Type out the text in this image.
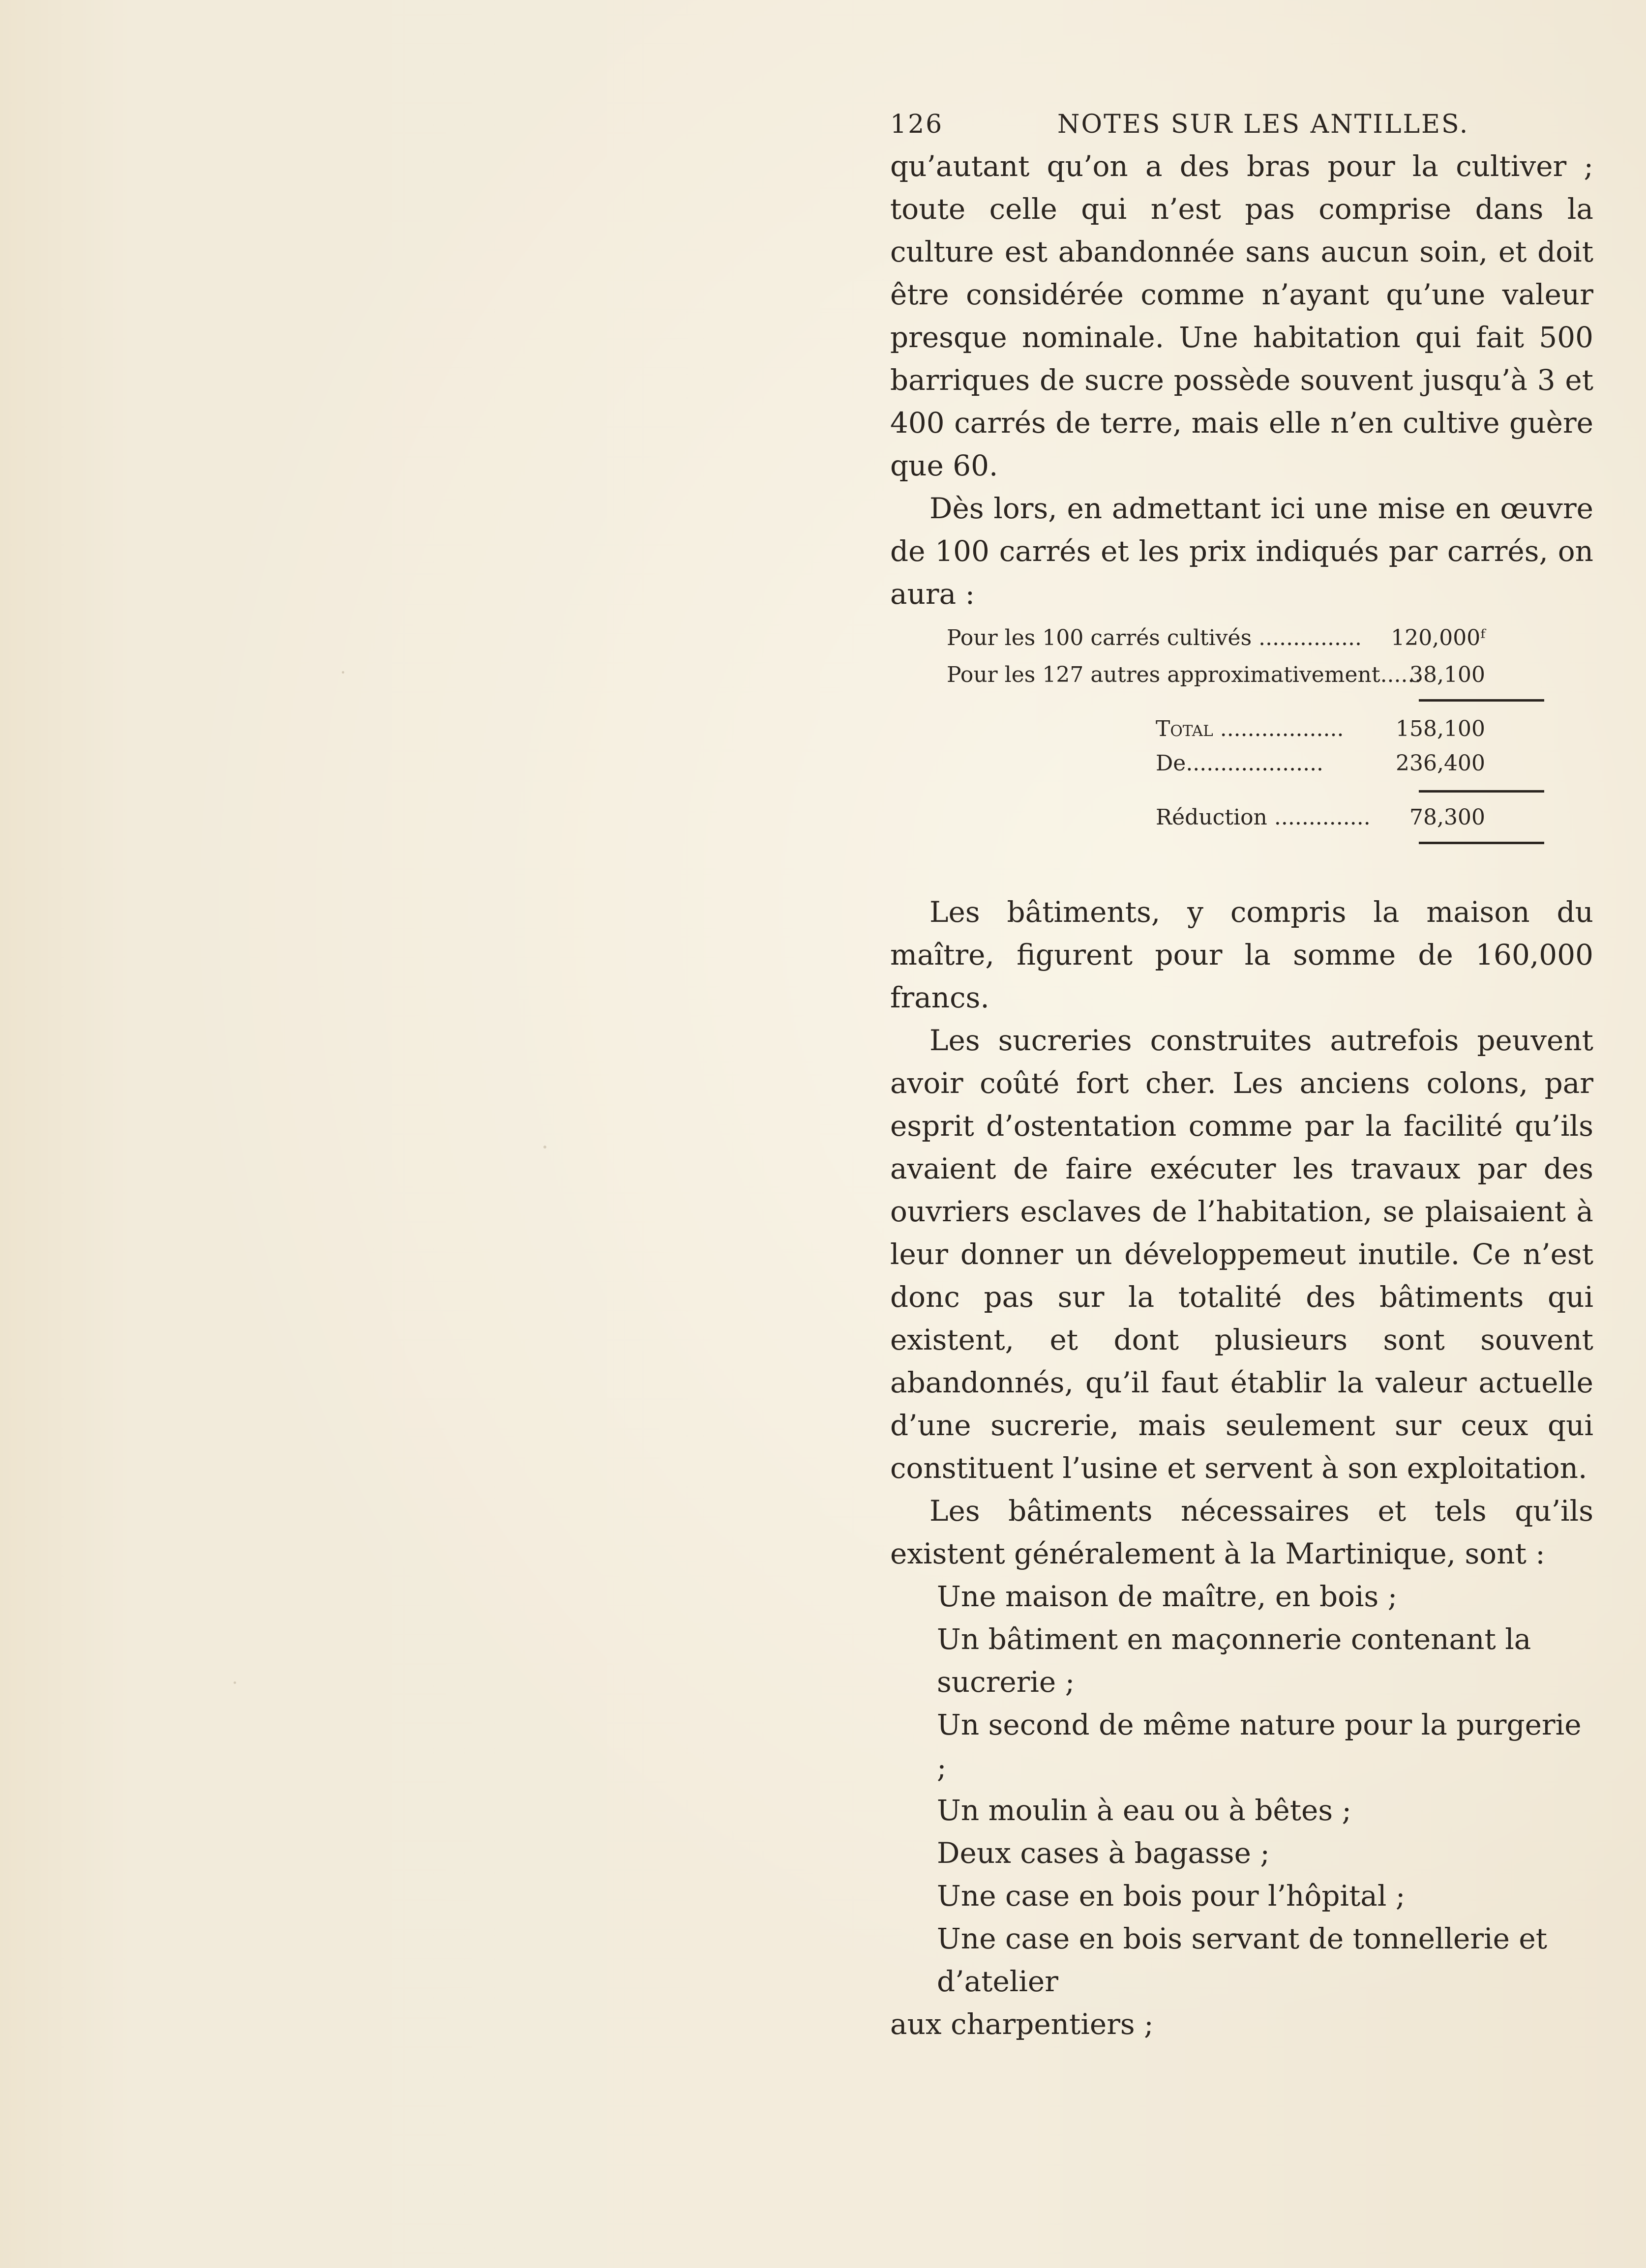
126	NOTES SUR LES ANTILLES.

qu’autant qu’on a des bras pour la cultiver ; toute celle qui n’est pas comprise dans la culture est abandonnée sans aucun soin, et doit être considérée comme n’ayant qu’une valeur presque nominale. Une habitation qui fait 500 barriques de sucre possède souvent jusqu’à 3 et 400 carrés de terre, mais elle n’en cultive guère que 60.

Dès lors, en admettant ici une mise en œuvre de 100 carrés et les prix indiqués par carrés, on aura :

Pour les 100 carrés cultivés ............... 120,000ᶠ
Pour les 127 autres approximativement......
38,100
Total .................. 158,100
De....................	236,400
Réduction .............. 78,300

Les bâtiments, y compris la maison du maître, figurent pour la somme de 160,000 francs.

Les sucreries construites autrefois peuvent avoir coûté fort cher. Les anciens colons, par esprit d’ostentation comme par la facilité qu’ils avaient de faire exécuter les travaux par des ouvriers esclaves de l’habitation, se plaisaient à leur donner un développemeut inutile. Ce n’est donc pas sur la totalité des bâtiments qui existent, et dont plusieurs sont souvent abandonnés, qu’il faut établir la valeur actuelle d’une sucrerie, mais seulement sur ceux qui constituent l’usine et servent à son exploitation.

Les bâtiments nécessaires et tels qu’ils existent généralement à la Martinique, sont :

Une maison de maître, en bois ;

Un bâtiment en maçonnerie contenant la sucrerie ;

Un second de même nature pour la purgerie ;

Un moulin à eau ou à bêtes ;

Deux cases à bagasse ;

Une case en bois pour l’hôpital ;

Une case en bois servant de tonnellerie et d’atelier

aux charpentiers ;
